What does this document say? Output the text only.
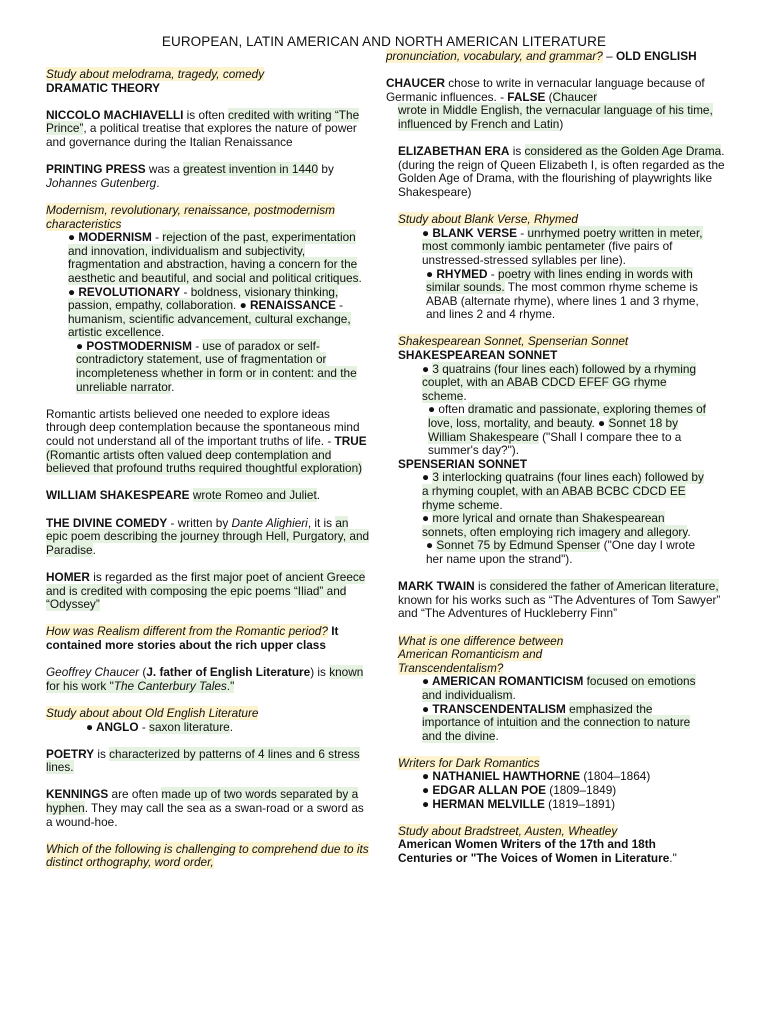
EUROPEAN, LATIN AMERICAN AND NORTH AMERICAN LITERATURE
Study about melodrama, tragedy, comedy
DRAMATIC THEORY
NICCOLO MACHIAVELLI is often credited with writing “The Prince”, a political treatise that explores the nature of power and governance during the Italian Renaissance
PRINTING PRESS was a greatest invention in 1440 by Johannes Gutenberg.
Modernism, revolutionary, renaissance, postmodernism characteristics
● MODERNISM - rejection of the past, experimentation and innovation, individualism and subjectivity, fragmentation and abstraction, having a concern for the aesthetic and beautiful, and social and political critiques.
● REVOLUTIONARY - boldness, visionary thinking, passion, empathy, collaboration. ● RENAISSANCE - humanism, scientific advancement, cultural exchange, artistic excellence.
● POSTMODERNISM - use of paradox or self-contradictory statement, use of fragmentation or incompleteness whether in form or in content: and the unreliable narrator.
Romantic artists believed one needed to explore ideas through deep contemplation because the spontaneous mind could not understand all of the important truths of life. - TRUE (Romantic artists often valued deep contemplation and believed that profound truths required thoughtful exploration)
WILLIAM SHAKESPEARE wrote Romeo and Juliet.
THE DIVINE COMEDY - written by Dante Alighieri, it is an epic poem describing the journey through Hell, Purgatory, and Paradise.
HOMER is regarded as the first major poet of ancient Greece and is credited with composing the epic poems “Iliad” and “Odyssey”
How was Realism different from the Romantic period? It contained more stories about the rich upper class
Geoffrey Chaucer (J. father of English Literature) is known for his work "The Canterbury Tales."
Study about about Old English Literature
● ANGLO - saxon literature.
POETRY is characterized by patterns of 4 lines and 6 stress lines.
KENNINGS are often made up of two words separated by a hyphen. They may call the sea as a swan-road or a sword as a wound-hoe.
Which of the following is challenging to comprehend due to its distinct orthography, word order,
pronunciation, vocabulary, and grammar? – OLD ENGLISH
CHAUCER chose to write in vernacular language because of Germanic influences. - FALSE (Chaucer
wrote in Middle English, the vernacular language of his time, influenced by French and Latin)
ELIZABETHAN ERA is considered as the Golden Age Drama. (during the reign of Queen Elizabeth I, is often regarded as the Golden Age of Drama, with the flourishing of playwrights like Shakespeare)
Study about Blank Verse, Rhymed
● BLANK VERSE - unrhymed poetry written in meter, most commonly iambic pentameter (five pairs of unstressed-stressed syllables per line).
● RHYMED - poetry with lines ending in words with similar sounds. The most common rhyme scheme is ABAB (alternate rhyme), where lines 1 and 3 rhyme, and lines 2 and 4 rhyme.
Shakespearean Sonnet, Spenserian Sonnet SHAKESPEAREAN SONNET
● 3 quatrains (four lines each) followed by a rhyming couplet, with an ABAB CDCD EFEF GG rhyme scheme.
● often dramatic and passionate, exploring themes of love, loss, mortality, and beauty. ● Sonnet 18 by William Shakespeare ("Shall I compare thee to a summer's day?").
SPENSERIAN SONNET
● 3 interlocking quatrains (four lines each) followed by a rhyming couplet, with an ABAB BCBC CDCD EE rhyme scheme.
● more lyrical and ornate than Shakespearean sonnets, often employing rich imagery and allegory.
● Sonnet 75 by Edmund Spenser ("One day I wrote her name upon the strand").
MARK TWAIN is considered the father of American literature, known for his works such as “The Adventures of Tom Sawyer” and “The Adventures of Huckleberry Finn”
What is one difference between American Romanticism and Transcendentalism?
● AMERICAN ROMANTICISM focused on emotions and individualism.
● TRANSCENDENTALISM emphasized the importance of intuition and the connection to nature and the divine.
Writers for Dark Romantics
● NATHANIEL HAWTHORNE (1804–1864)
● EDGAR ALLAN POE (1809–1849)
● HERMAN MELVILLE (1819–1891)
Study about Bradstreet, Austen, Wheatley
American Women Writers of the 17th and 18th Centuries or "The Voices of Women in Literature."
